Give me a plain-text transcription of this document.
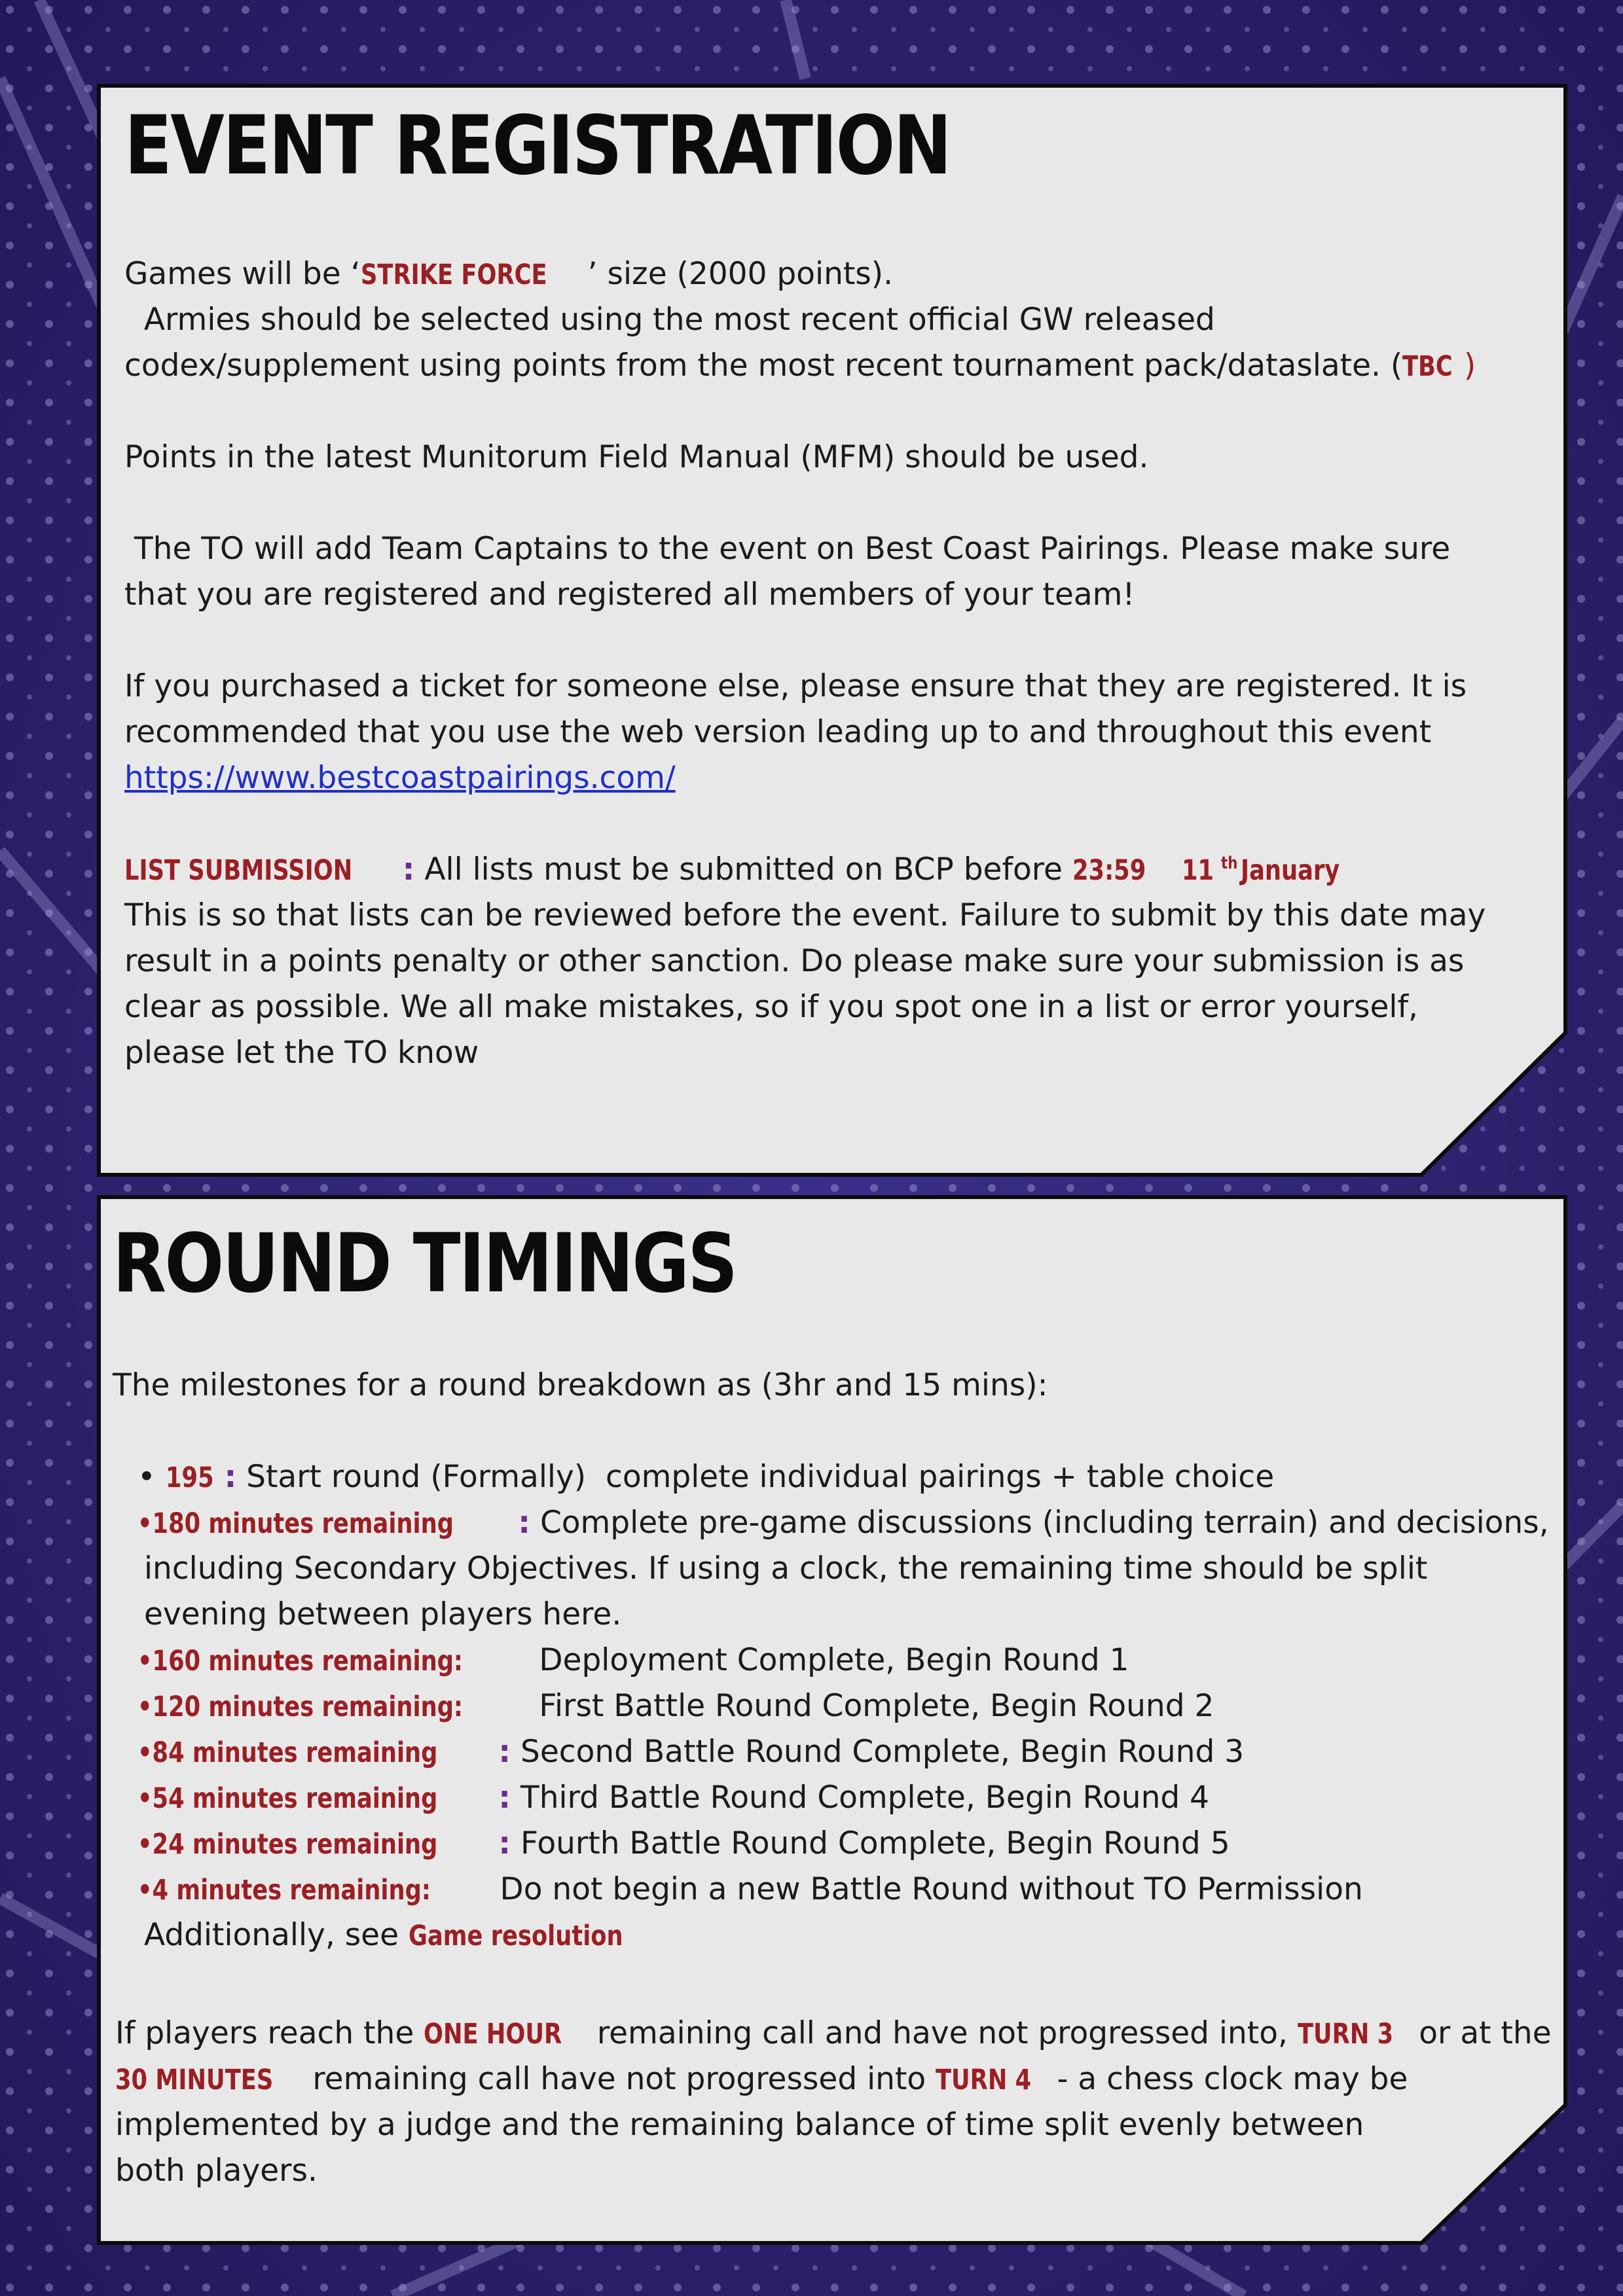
EVENT REGISTRATION
Games will be ‘STRIKE FORCE ’ size (2000 points).
Armies should be selected using the most recent official GW released
codex/supplement using points from the most recent tournament pack/dataslate. (TBC )
Points in the latest Munitorum Field Manual (MFM) should be used.
The TO will add Team Captains to the event on Best Coast Pairings. Please make sure
that you are registered and registered all members of your team!
If you purchased a ticket for someone else, please ensure that they are registered. It is
recommended that you use the web version leading up to and throughout this event
https://www.bestcoastpairings.com/
LIST SUBMISSION : All lists must be submitted on BCP before 23:59 11 $^{th}$January
This is so that lists can be reviewed before the event. Failure to submit by this date may
result in a points penalty or other sanction. Do please make sure your submission is as
clear as possible. We all make mistakes, so if you spot one in a list or error yourself,
please let the TO know
ROUND TIMINGS
The milestones for a round breakdown as (3hr and 15 mins):
• 195 : Start round (Formally)  complete individual pairings + table choice
•180 minutes remaining : Complete pre-game discussions (including terrain) and decisions,
including Secondary Objectives. If using a clock, the remaining time should be split
evening between players here.
•160 minutes remaining: Deployment Complete, Begin Round 1
•120 minutes remaining: First Battle Round Complete, Begin Round 2
•84 minutes remaining : Second Battle Round Complete, Begin Round 3
•54 minutes remaining : Third Battle Round Complete, Begin Round 4
•24 minutes remaining : Fourth Battle Round Complete, Begin Round 5
•4 minutes remaining: Do not begin a new Battle Round without TO Permission
Additionally, see Game resolution
If players reach the ONE HOUR remaining call and have not progressed into, TURN 3 or at the
30 MINUTES remaining call have not progressed into TURN 4 - a chess clock may be
implemented by a judge and the remaining balance of time split evenly between
both players.
